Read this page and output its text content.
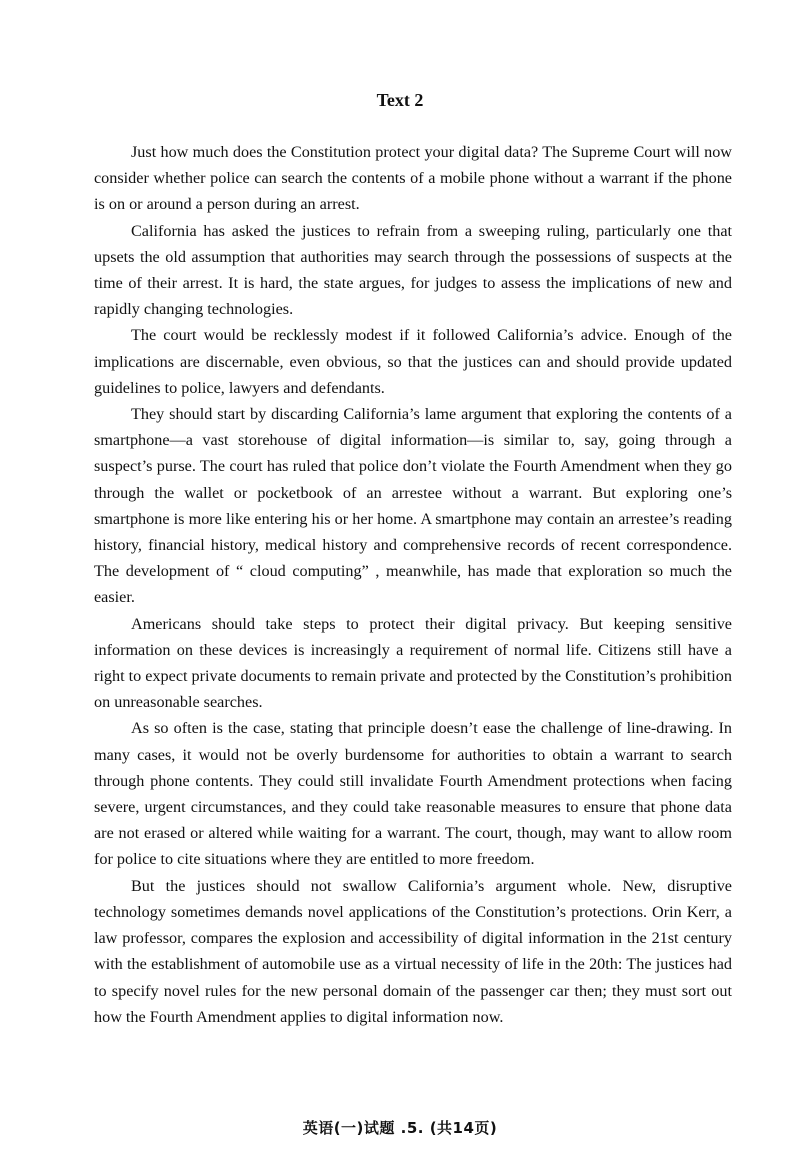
Text 2

Just how much does the Constitution protect your digital data? The Supreme Court will now consider whether police can search the contents of a mobile phone without a warrant if the phone is on or around a person during an arrest.

California has asked the justices to refrain from a sweeping ruling, particularly one that upsets the old assumption that authorities may search through the possessions of suspects at the time of their arrest. It is hard, the state argues, for judges to assess the implications of new and rapidly changing technologies.

The court would be recklessly modest if it followed California’s advice. Enough of the implications are discernable, even obvious, so that the justices can and should provide updated guidelines to police, lawyers and defendants.

They should start by discarding California’s lame argument that exploring the contents of a smartphone—a vast storehouse of digital information—is similar to, say, going through a suspect’s purse. The court has ruled that police don’t violate the Fourth Amendment when they go through the wallet or pocketbook of an arrestee without a warrant. But exploring one’s smartphone is more like entering his or her home. A smartphone may contain an arrestee’s reading history, financial history, medical history and comprehensive records of recent correspondence. The development of “ cloud computing” , meanwhile, has made that exploration so much the easier.

Americans should take steps to protect their digital privacy. But keeping sensitive information on these devices is increasingly a requirement of normal life. Citizens still have a right to expect private documents to remain private and protected by the Constitution’s prohibition on unreasonable searches.

As so often is the case, stating that principle doesn’t ease the challenge of line-drawing. In many cases, it would not be overly burdensome for authorities to obtain a warrant to search through phone contents. They could still invalidate Fourth Amendment protections when facing severe, urgent circumstances, and they could take reasonable measures to ensure that phone data are not erased or altered while waiting for a warrant. The court, though, may want to allow room for police to cite situations where they are entitled to more freedom.

But the justices should not swallow California’s argument whole. New, disruptive technology sometimes demands novel applications of the Constitution’s protections. Orin Kerr, a law professor, compares the explosion and accessibility of digital information in the 21st century with the establishment of automobile use as a virtual necessity of life in the 20th: The justices had to specify novel rules for the new personal domain of the passenger car then; they must sort out how the Fourth Amendment applies to digital information now.

英语(一)试题 .5. (共14页)
